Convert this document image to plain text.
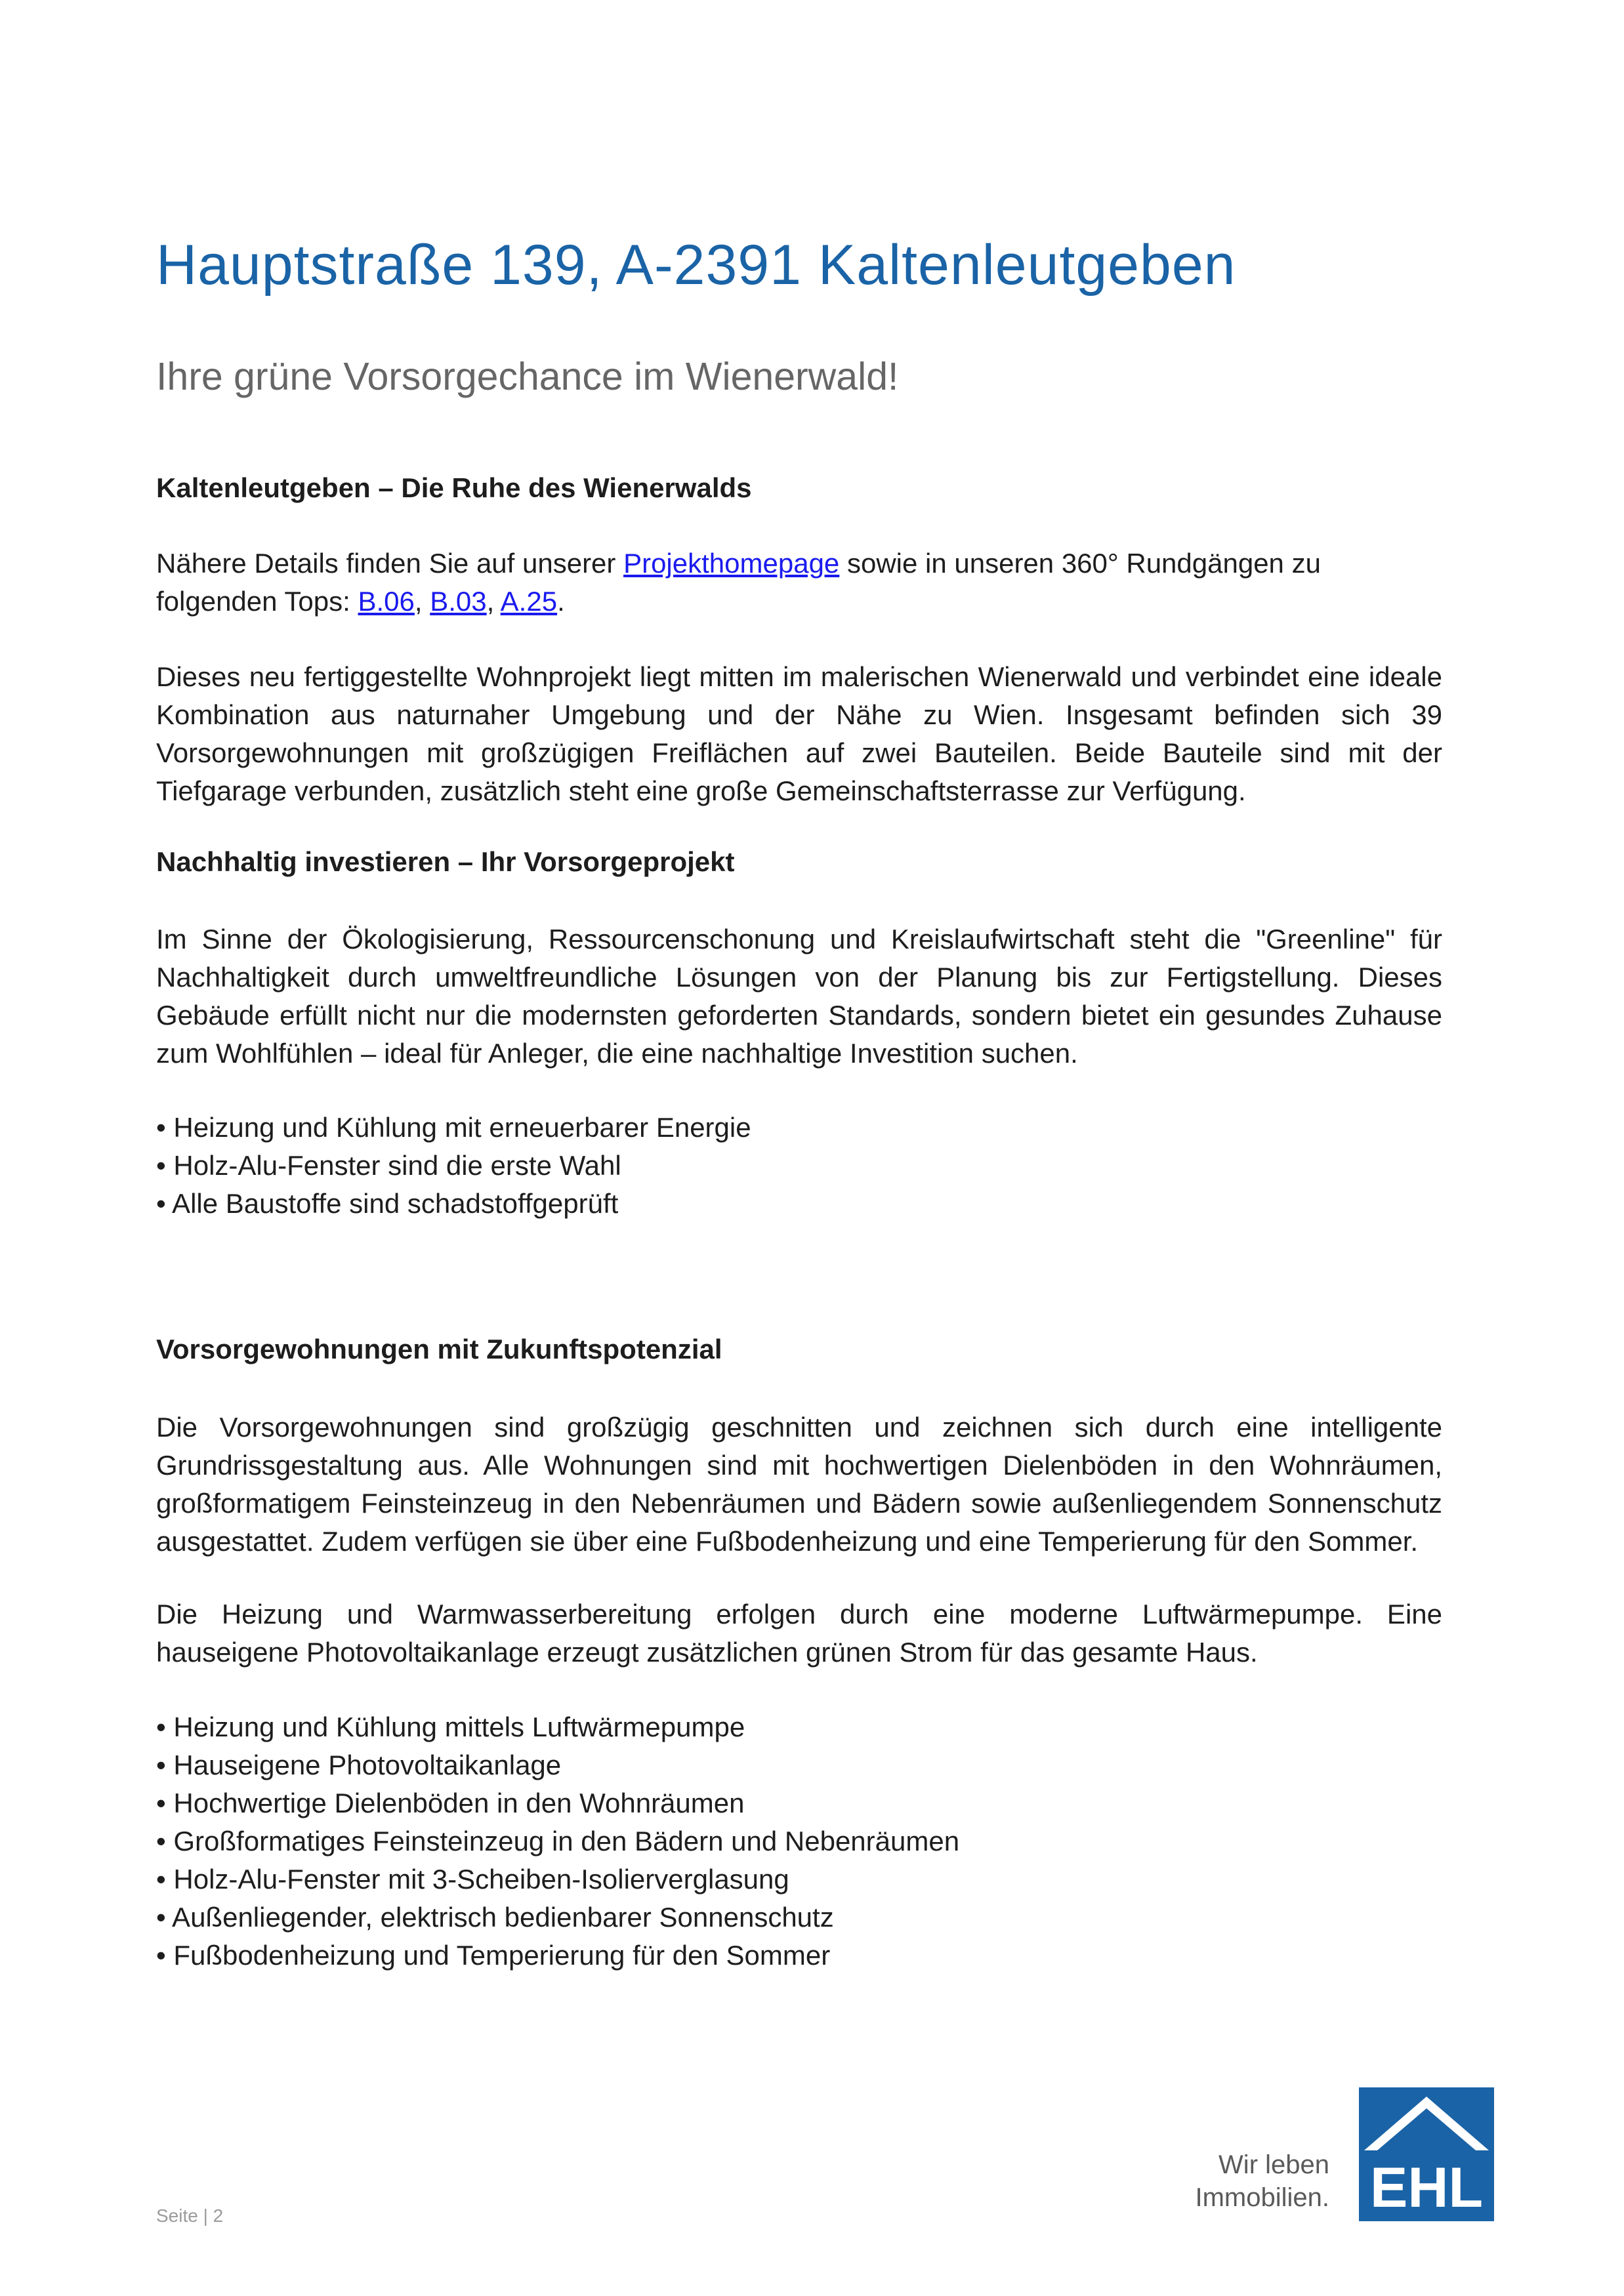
Hauptstraße 139, A-2391 Kaltenleutgeben
Ihre grüne Vorsorgechance im Wienerwald!
Kaltenleutgeben – Die Ruhe des Wienerwalds

Nähere Details finden Sie auf unserer Projekthomepage sowie in unseren 360° Rundgängen zu folgenden Tops: B.06, B.03, A.25.

Dieses neu fertiggestellte Wohnprojekt liegt mitten im malerischen Wienerwald und verbindet eine ideale Kombination aus naturnaher Umgebung und der Nähe zu Wien. Insgesamt befinden sich 39 Vorsorgewohnungen mit großzügigen Freiflächen auf zwei Bauteilen. Beide Bauteile sind mit der Tiefgarage verbunden, zusätzlich steht eine große Gemeinschaftsterrasse zur Verfügung.

Nachhaltig investieren – Ihr Vorsorgeprojekt

Im Sinne der Ökologisierung, Ressourcenschonung und Kreislaufwirtschaft steht die "Greenline" für Nachhaltigkeit durch umweltfreundliche Lösungen von der Planung bis zur Fertigstellung. Dieses Gebäude erfüllt nicht nur die modernsten geforderten Standards, sondern bietet ein gesundes Zuhause zum Wohlfühlen – ideal für Anleger, die eine nachhaltige Investition suchen.

• Heizung und Kühlung mit erneuerbarer Energie
• Holz-Alu-Fenster sind die erste Wahl
• Alle Baustoffe sind schadstoffgeprüft
Vorsorgewohnungen mit Zukunftspotenzial

Die Vorsorgewohnungen sind großzügig geschnitten und zeichnen sich durch eine intelligente Grundrissgestaltung aus. Alle Wohnungen sind mit hochwertigen Dielenböden in den Wohnräumen, großformatigem Feinsteinzeug in den Nebenräumen und Bädern sowie außenliegendem Sonnenschutz ausgestattet. Zudem verfügen sie über eine Fußbodenheizung und eine Temperierung für den Sommer.

Die Heizung und Warmwasserbereitung erfolgen durch eine moderne Luftwärmepumpe. Eine hauseigene Photovoltaikanlage erzeugt zusätzlichen grünen Strom für das gesamte Haus.

• Heizung und Kühlung mittels Luftwärmepumpe
• Hauseigene Photovoltaikanlage
• Hochwertige Dielenböden in den Wohnräumen
• Großformatiges Feinsteinzeug in den Bädern und Nebenräumen
• Holz-Alu-Fenster mit 3-Scheiben-Isolierverglasung
• Außenliegender, elektrisch bedienbarer Sonnenschutz
• Fußbodenheizung und Temperierung für den Sommer
Seite | 2
Wir leben
Immobilien. EHL
